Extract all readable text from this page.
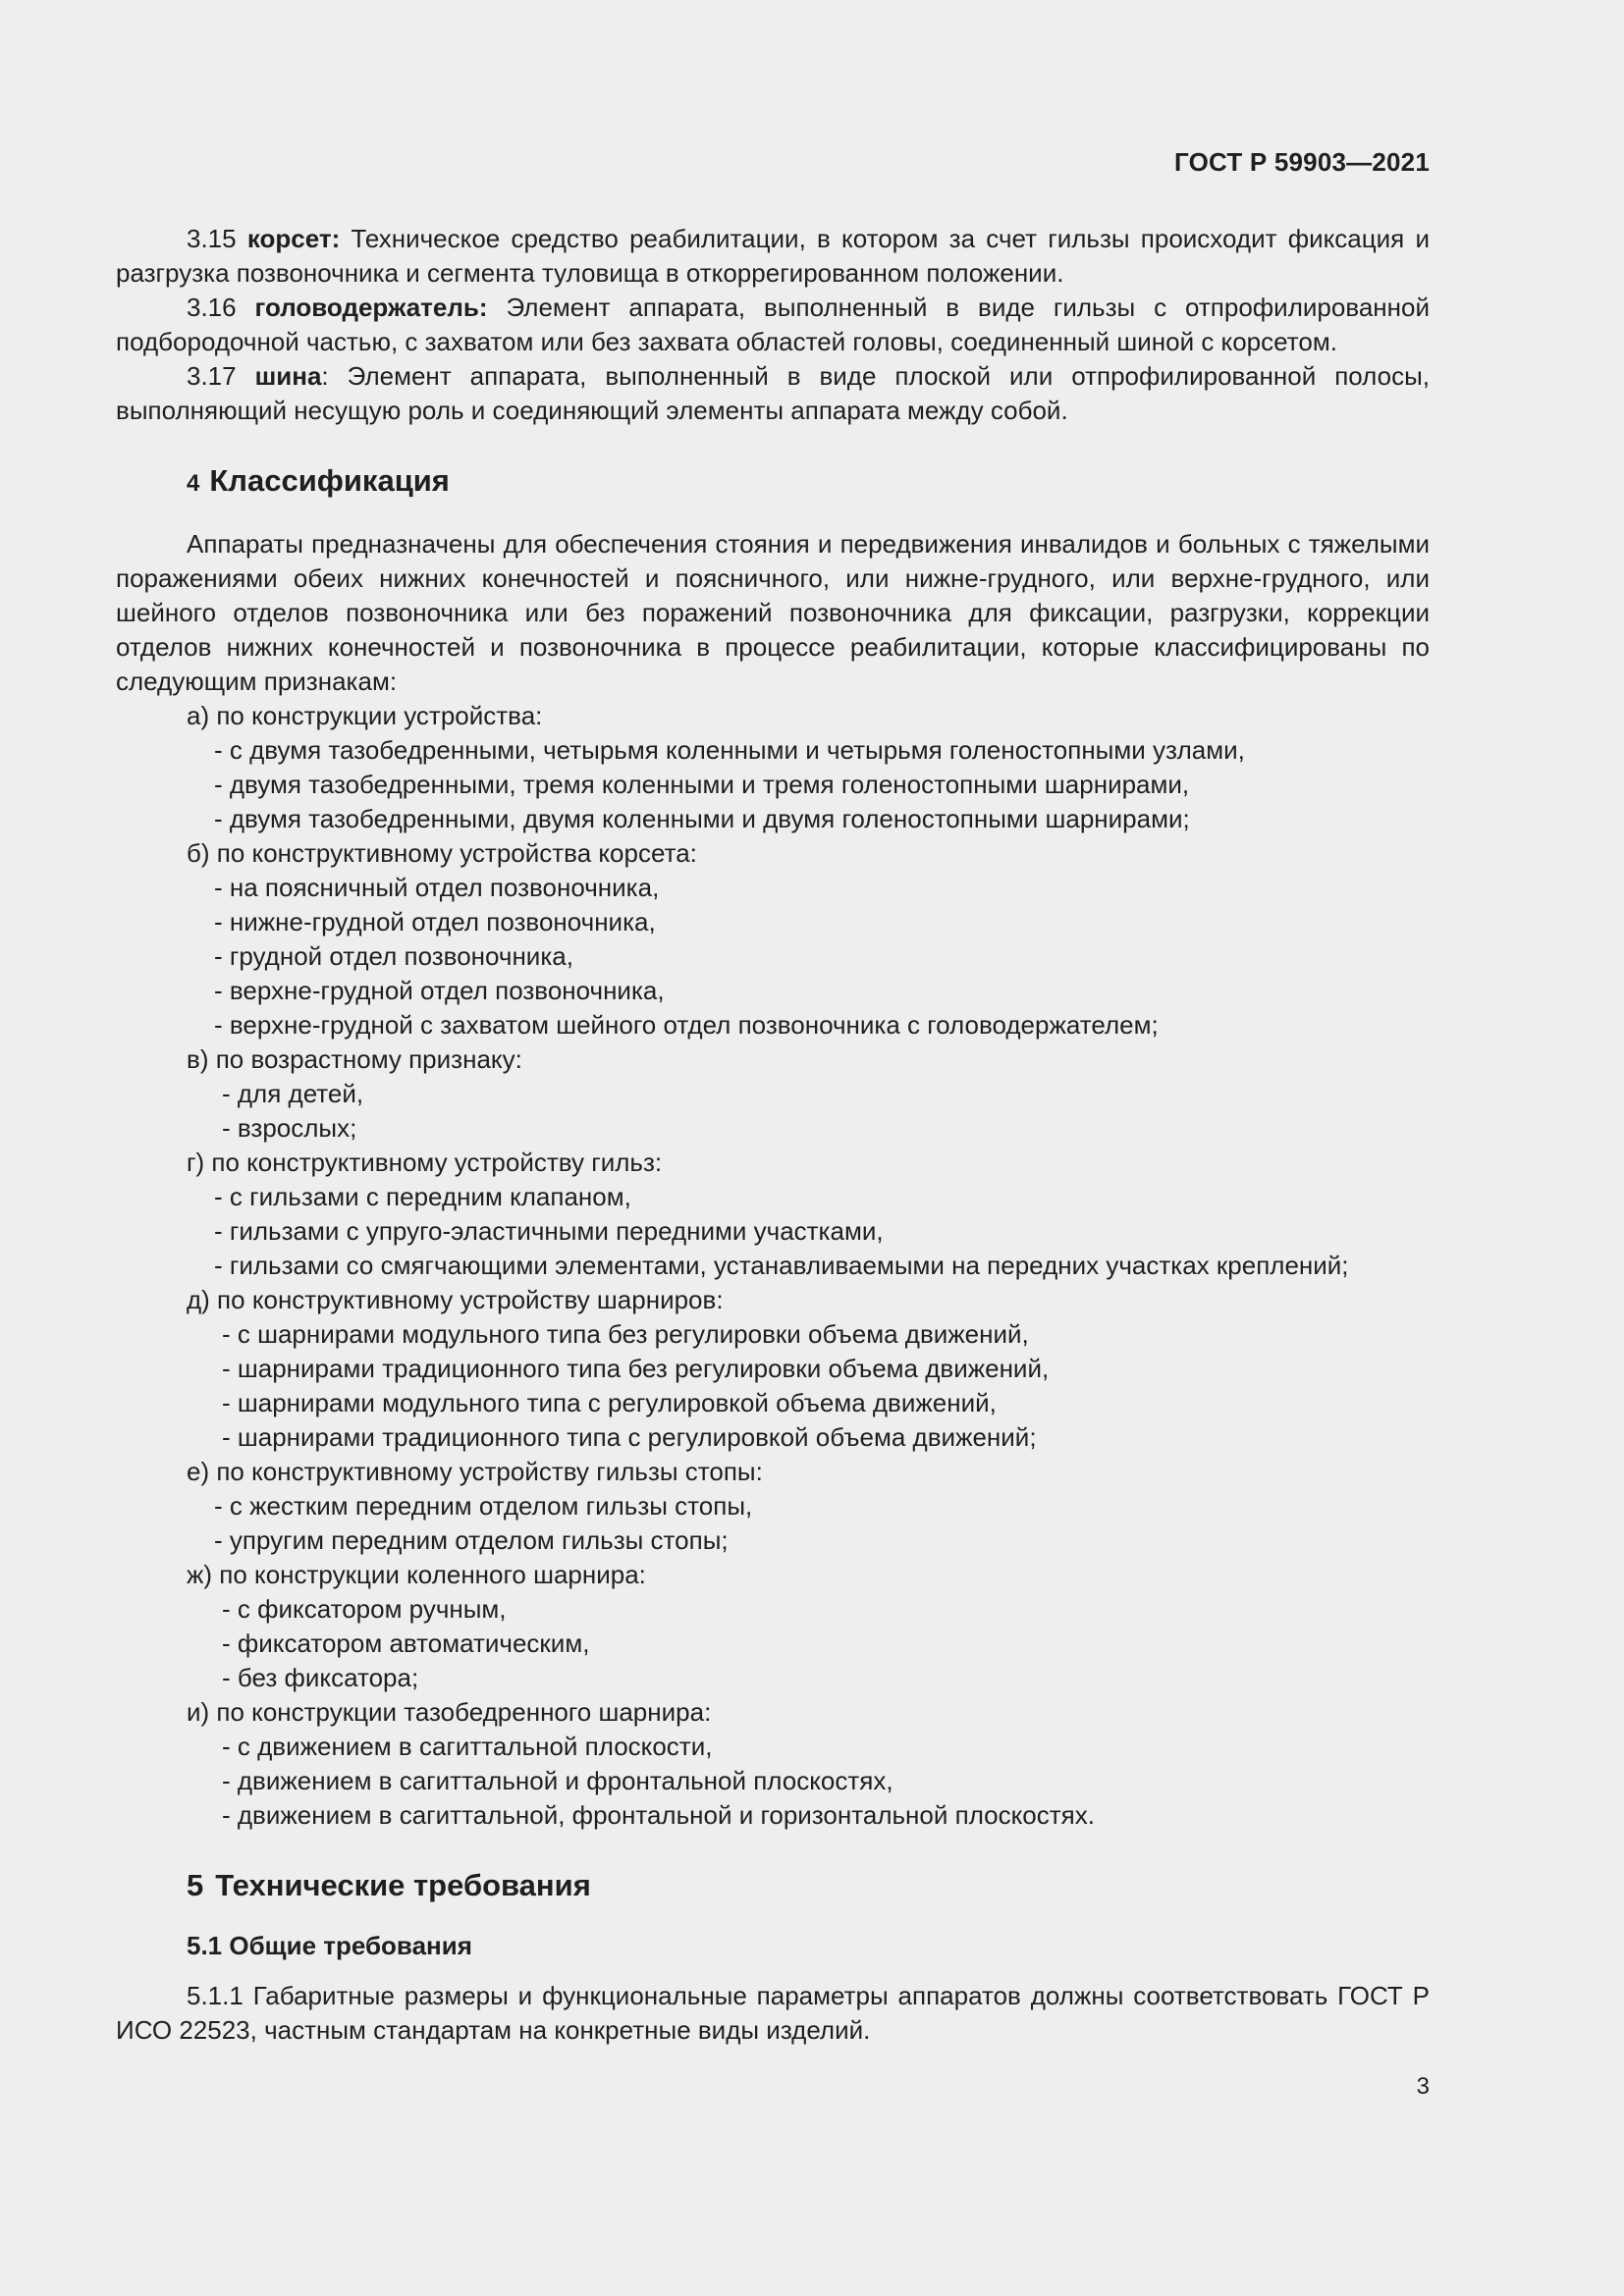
ГОСТ Р 59903—2021

3.15 корсет: Техническое средство реабилитации, в котором за счет гильзы происходит фиксация и разгрузка позвоночника и сегмента туловища в откоррегированном положении.

3.16 головодержатель: Элемент аппарата, выполненный в виде гильзы с отпрофилированной подбородочной частью, с захватом или без захвата областей головы, соединенный шиной с корсетом.

3.17 шина: Элемент аппарата, выполненный в виде плоской или отпрофилированной полосы, выполняющий несущую роль и соединяющий элементы аппарата между собой.

4 Классификация

Аппараты предназначены для обеспечения стояния и передвижения инвалидов и больных с тяжелыми поражениями обеих нижних конечностей и поясничного, или нижне-грудного, или верхне-грудного, или шейного отделов позвоночника или без поражений позвоночника для фиксации, разгрузки, коррекции отделов нижних конечностей и позвоночника в процессе реабилитации, которые классифицированы по следующим признакам:

а) по конструкции устройства:
- с двумя тазобедренными, четырьмя коленными и четырьмя голеностопными узлами,
- двумя тазобедренными, тремя коленными и тремя голеностопными шарнирами,
- двумя тазобедренными, двумя коленными и двумя голеностопными шарнирами;
б) по конструктивному устройства корсета:
- на поясничный отдел позвоночника,
- нижне-грудной отдел позвоночника,
- грудной отдел позвоночника,
- верхне-грудной отдел позвоночника,
- верхне-грудной с захватом шейного отдел позвоночника с головодержателем;
в) по возрастному признаку:
- для детей,
- взрослых;
г) по конструктивному устройству гильз:
- с гильзами с передним клапаном,
- гильзами с упруго-эластичными передними участками,
- гильзами со смягчающими элементами, устанавливаемыми на передних участках креплений;
д) по конструктивному устройству шарниров:
- с шарнирами модульного типа без регулировки объема движений,
- шарнирами традиционного типа без регулировки объема движений,
- шарнирами модульного типа с регулировкой объема движений,
- шарнирами традиционного типа с регулировкой объема движений;
е) по конструктивному устройству гильзы стопы:
- с жестким передним отделом гильзы стопы,
- упругим передним отделом гильзы стопы;
ж) по конструкции коленного шарнира:
- с фиксатором ручным,
- фиксатором автоматическим,
- без фиксатора;
и) по конструкции тазобедренного шарнира:
- с движением в сагиттальной плоскости,
- движением в сагиттальной и фронтальной плоскостях,
- движением в сагиттальной, фронтальной и горизонтальной плоскостях.
5 Технические требования
5.1 Общие требования

5.1.1 Габаритные размеры и функциональные параметры аппаратов должны соответствовать ГОСТ Р ИСО 22523, частным стандартам на конкретные виды изделий.

3
